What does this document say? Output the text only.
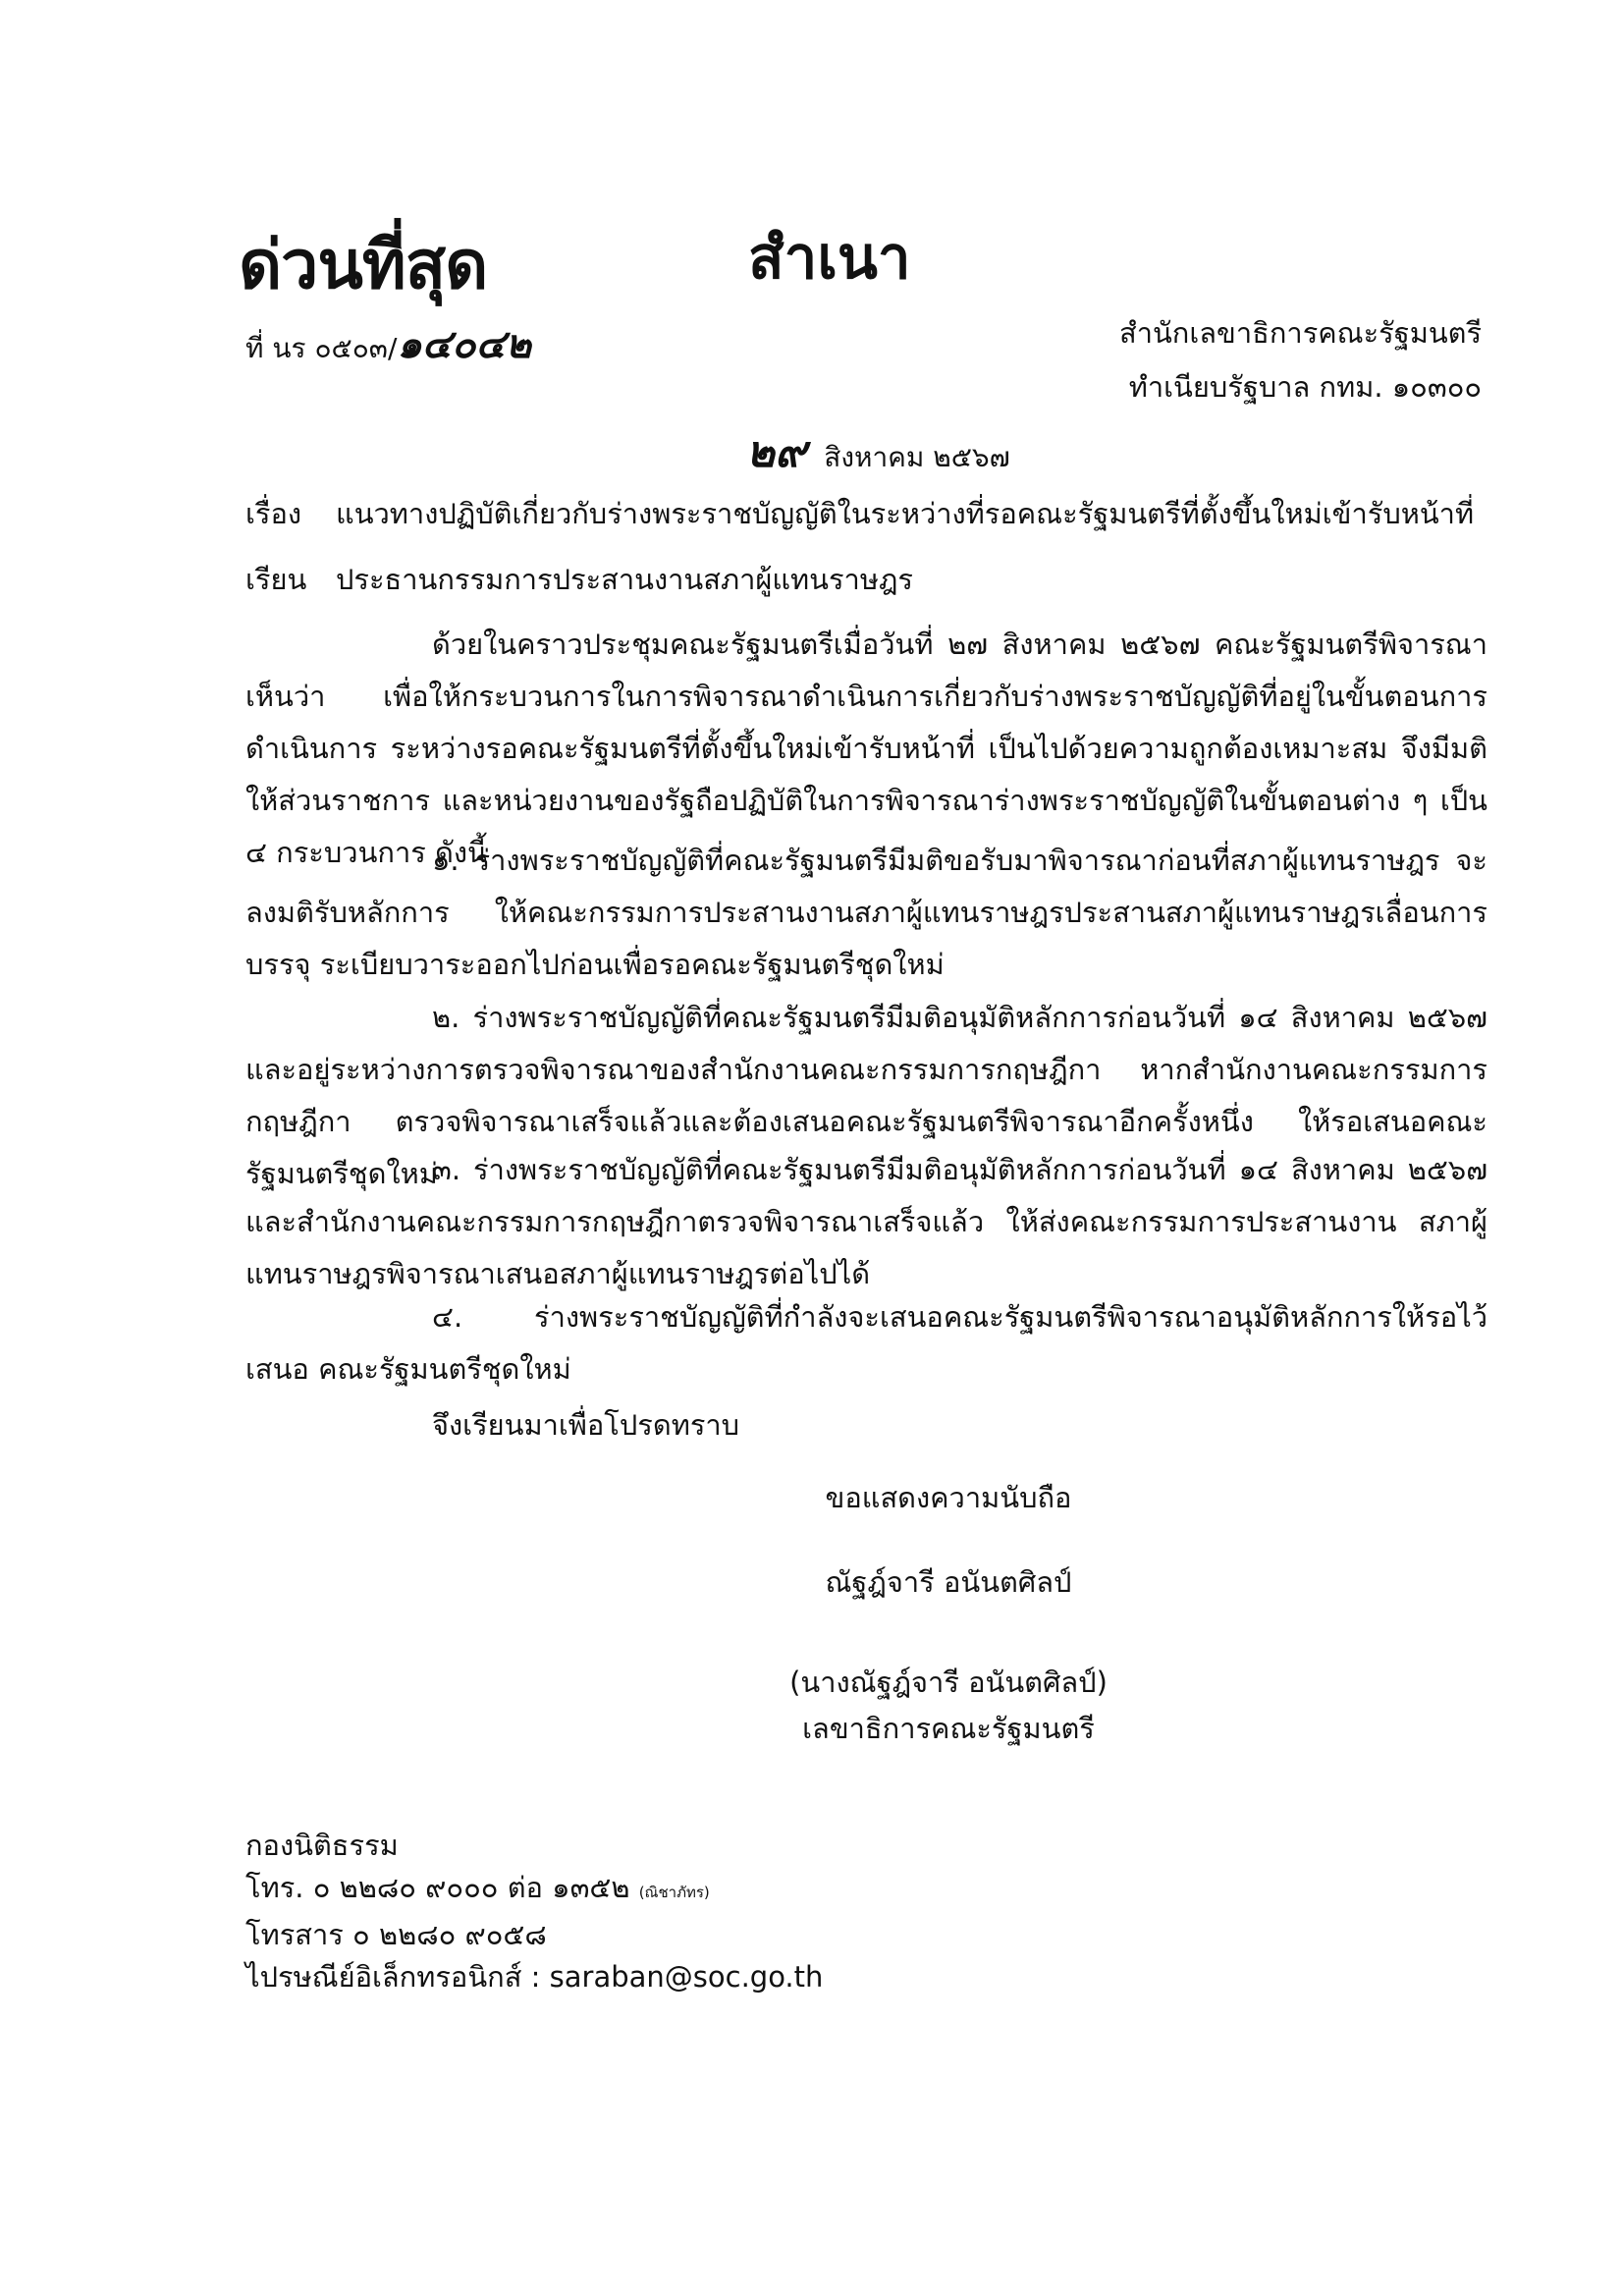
ด่วนที่สุด	สำเนา
ที่ นร ๐๕๐๓/๑๔๐๔๒	สำนักเลขาธิการคณะรัฐมนตรี
ทำเนียบรัฐบาล กทม. ๑๐๓๐๐
๒๙ สิงหาคม ๒๕๖๗
เรื่อง แนวทางปฏิบัติเกี่ยวกับร่างพระราชบัญญัติในระหว่างที่รอคณะรัฐมนตรีที่ตั้งขึ้นใหม่เข้ารับหน้าที่
เรียน ประธานกรรมการประสานงานสภาผู้แทนราษฎร

ด้วยในคราวประชุมคณะรัฐมนตรีเมื่อวันที่ ๒๗ สิงหาคม ๒๕๖๗ คณะรัฐมนตรีพิจารณาเห็นว่า เพื่อให้กระบวนการในการพิจารณาดำเนินการเกี่ยวกับร่างพระราชบัญญัติที่อยู่ในขั้นตอนการดำเนินการ ระหว่างรอคณะรัฐมนตรีที่ตั้งขึ้นใหม่เข้ารับหน้าที่ เป็นไปด้วยความถูกต้องเหมาะสม จึงมีมติให้ส่วนราชการ และหน่วยงานของรัฐถือปฏิบัติในการพิจารณาร่างพระราชบัญญัติในขั้นตอนต่าง ๆ เป็น ๔ กระบวนการ ดังนี้

๑. ร่างพระราชบัญญัติที่คณะรัฐมนตรีมีมติขอรับมาพิจารณาก่อนที่สภาผู้แทนราษฎร จะลงมติรับหลักการ ให้คณะกรรมการประสานงานสภาผู้แทนราษฎรประสานสภาผู้แทนราษฎรเลื่อนการบรรจุ ระเบียบวาระออกไปก่อนเพื่อรอคณะรัฐมนตรีชุดใหม่

๒. ร่างพระราชบัญญัติที่คณะรัฐมนตรีมีมติอนุมัติหลักการก่อนวันที่ ๑๔ สิงหาคม ๒๕๖๗ และอยู่ระหว่างการตรวจพิจารณาของสำนักงานคณะกรรมการกฤษฎีกา หากสำนักงานคณะกรรมการกฤษฎีกา ตรวจพิจารณาเสร็จแล้วและต้องเสนอคณะรัฐมนตรีพิจารณาอีกครั้งหนึ่ง ให้รอเสนอคณะรัฐมนตรีชุดใหม่

๓. ร่างพระราชบัญญัติที่คณะรัฐมนตรีมีมติอนุมัติหลักการก่อนวันที่ ๑๔ สิงหาคม ๒๕๖๗ และสำนักงานคณะกรรมการกฤษฎีกาตรวจพิจารณาเสร็จแล้ว ให้ส่งคณะกรรมการประสานงาน สภาผู้แทนราษฎรพิจารณาเสนอสภาผู้แทนราษฎรต่อไปได้

๔. ร่างพระราชบัญญัติที่กำลังจะเสนอคณะรัฐมนตรีพิจารณาอนุมัติหลักการให้รอไว้เสนอ คณะรัฐมนตรีชุดใหม่

จึงเรียนมาเพื่อโปรดทราบ
ขอแสดงความนับถือ
ณัฐฎ์จารี อนันตศิลป์
(นางณัฐฎ์จารี อนันตศิลป์)
เลขาธิการคณะรัฐมนตรี
กองนิติธรรม
โทร. ๐ ๒๒๘๐ ๙๐๐๐ ต่อ ๑๓๕๒ (ณิชาภัทร)
โทรสาร ๐ ๒๒๘๐ ๙๐๕๘
ไปรษณีย์อิเล็กทรอนิกส์ : saraban@soc.go.th
